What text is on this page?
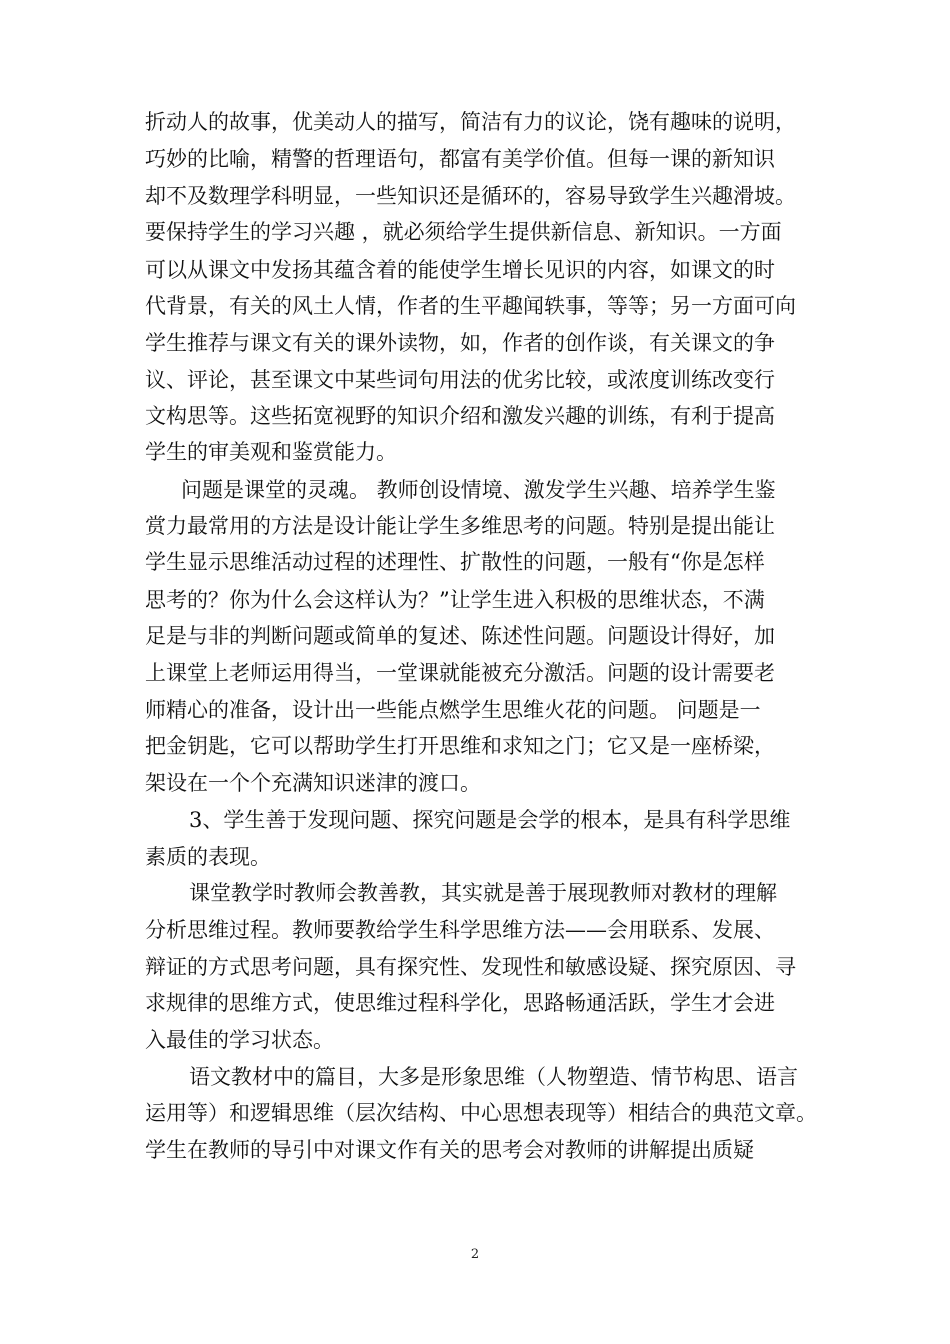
折动人的故事，优美动人的描写，简洁有力的议论，饶有趣味的说明，
巧妙的比喻，精警的哲理语句，都富有美学价值。但每一课的新知识
却不及数理学科明显，一些知识还是循环的，容易导致学生兴趣滑坡。
要保持学生的学习兴趣 ，就必须给学生提供新信息、新知识。一方面
可以从课文中发扬其蕴含着的能使学生增长见识的内容，如课文的时
代背景，有关的风土人情，作者的生平趣闻轶事，等等；另一方面可向
学生推荐与课文有关的课外读物，如，作者的创作谈，有关课文的争
议、评论，甚至课文中某些词句用法的优劣比较，或浓度训练改变行
文构思等。这些拓宽视野的知识介绍和激发兴趣的训练，有利于提高
学生的审美观和鉴赏能力。
问题是课堂的灵魂。 教师创设情境、激发学生兴趣、培养学生鉴
赏力最常用的方法是设计能让学生多维思考的问题。特别是提出能让
学生显示思维活动过程的述理性、扩散性的问题，一般有“你是怎样
思考的？你为什么会这样认为？”让学生进入积极的思维状态，不满
足是与非的判断问题或简单的复述、陈述性问题。问题设计得好，加
上课堂上老师运用得当，一堂课就能被充分激活。问题的设计需要老
师精心的准备，设计出一些能点燃学生思维火花的问题。 问题是一
把金钥匙，它可以帮助学生打开思维和求知之门；它又是一座桥梁，
架设在一个个充满知识迷津的渡口。
3、学生善于发现问题、探究问题是会学的根本，是具有科学思维
素质的表现。
课堂教学时教师会教善教，其实就是善于展现教师对教材的理解
分析思维过程。教师要教给学生科学思维方法——会用联系、发展、
辩证的方式思考问题，具有探究性、发现性和敏感设疑、探究原因、寻
求规律的思维方式，使思维过程科学化，思路畅通活跃，学生才会进
入最佳的学习状态。
语文教材中的篇目，大多是形象思维（人物塑造、情节构思、语言
运用等）和逻辑思维（层次结构、中心思想表现等）相结合的典范文章。
学生在教师的导引中对课文作有关的思考会对教师的讲解提出质疑
2
